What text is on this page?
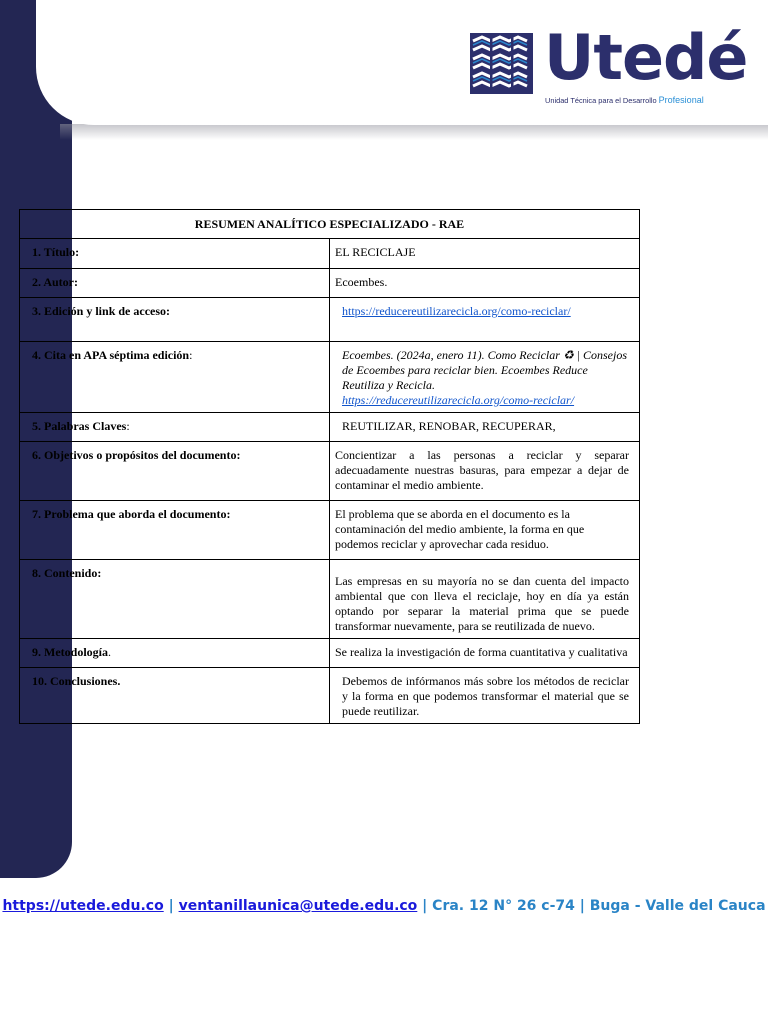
Utedé
Unidad Técnica para el Desarrollo Profesional
RESUMEN ANALÍTICO ESPECIALIZADO - RAE	
1. Título:	EL RECICLAJE
2. Autor:	Ecoembes.
3. Edición y link de acceso:	https://reducereutilizarecicla.org/como-reciclar/
4. Cita en APA séptima edición:	Ecoembes. (2024a, enero 11). Como Reciclar ♻ | Consejos de Ecoembes para reciclar bien. Ecoembes Reduce Reutiliza y Recicla.
https://reducereutilizarecicla.org/como-reciclar/
5. Palabras Claves:	REUTILIZAR, RENOBAR, RECUPERAR,
6. Objetivos o propósitos del documento:	Concientizar a las personas a reciclar y separar adecuadamente nuestras basuras, para empezar a dejar de contaminar el medio ambiente.
7. Problema que aborda el documento:	El problema que se aborda en el documento es la contaminación del medio ambiente, la forma en que podemos reciclar y aprovechar cada residuo.
8. Contenido:	Las empresas en su mayoría no se dan cuenta del impacto ambiental que con lleva el reciclaje, hoy en día ya están optando por separar la material prima que se puede transformar nuevamente, para se reutilizada de nuevo.

9. Metodología.	Se realiza la investigación de forma cuantitativa y cualitativa
10. Conclusiones.	Debemos de infórmanos más sobre los métodos de reciclar y la forma en que podemos transformar el material que se puede reutilizar.
https://utede.edu.co | ventanillaunica@utede.edu.co | Cra. 12 N° 26 c-74 | Buga - Valle del Cauca
